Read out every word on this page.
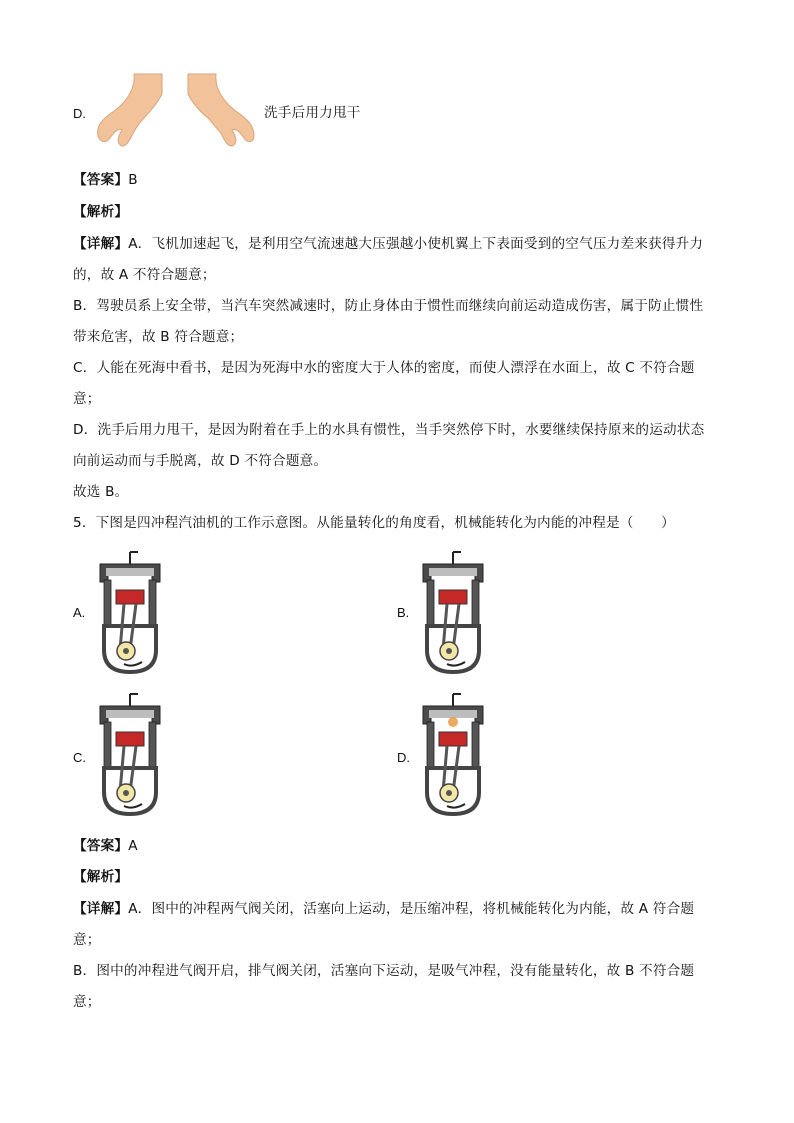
D.	洗手后用力甩干
【答案】B
【解析】
【详解】A．飞机加速起飞，是利用空气流速越大压强越小使机翼上下表面受到的空气压力差来获得升力
的，故 A 不符合题意；
B．驾驶员系上安全带，当汽车突然减速时，防止身体由于惯性而继续向前运动造成伤害，属于防止惯性
带来危害，故 B 符合题意；
C．人能在死海中看书，是因为死海中水的密度大于人体的密度，而使人漂浮在水面上，故 C 不符合题
意；
D．洗手后用力甩干，是因为附着在手上的水具有惯性，当手突然停下时，水要继续保持原来的运动状态
向前运动而与手脱离，故 D 不符合题意。
故选 B。
5．下图是四冲程汽油机的工作示意图。从能量转化的角度看，机械能转化为内能的冲程是（　　）
A.	B.
C.	D.
【答案】A
【解析】
【详解】A．图中的冲程两气阀关闭，活塞向上运动，是压缩冲程，将机械能转化为内能，故 A 符合题
意；
B．图中的冲程进气阀开启，排气阀关闭，活塞向下运动，是吸气冲程，没有能量转化，故 B 不符合题
意；
